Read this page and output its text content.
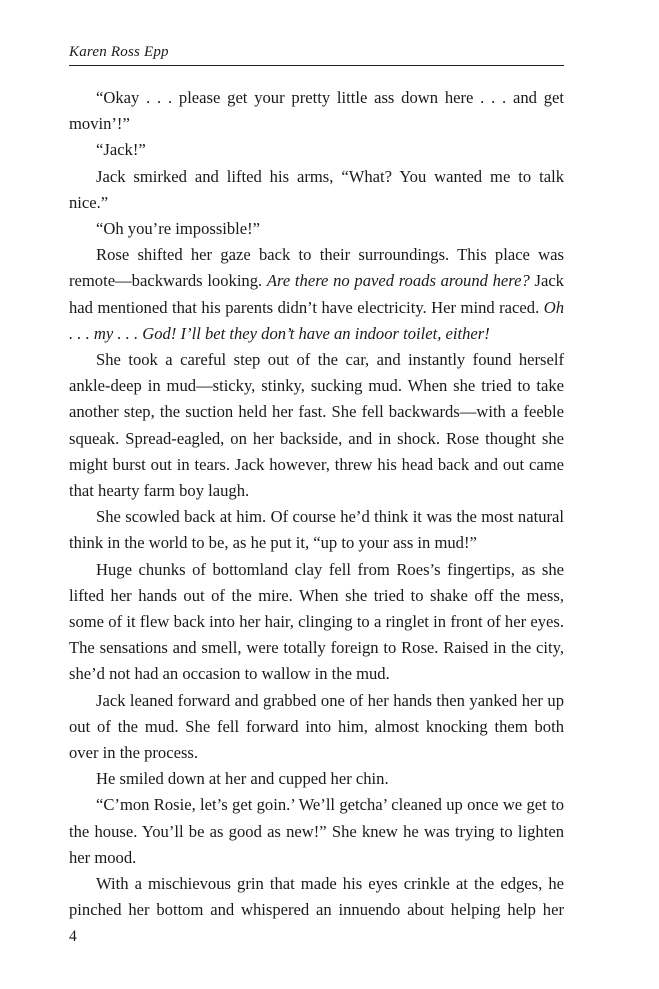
Karen Ross Epp

“Okay . . . please get your pretty little ass down here . . . and get movin’!”

“Jack!”

Jack smirked and lifted his arms, “What? You wanted me to talk nice.”

“Oh you’re impossible!”

Rose shifted her gaze back to their surroundings. This place was remote—backwards looking. Are there no paved roads around here? Jack had mentioned that his parents didn’t have electricity. Her mind raced. Oh . . . my . . . God! I’ll bet they don’t have an indoor toilet, either!

She took a careful step out of the car, and instantly found herself ankle-deep in mud—sticky, stinky, sucking mud. When she tried to take another step, the suction held her fast. She fell backwards—with a feeble squeak. Spread-eagled, on her backside, and in shock. Rose thought she might burst out in tears. Jack however, threw his head back and out came that hearty farm boy laugh.

She scowled back at him. Of course he’d think it was the most natural think in the world to be, as he put it, “up to your ass in mud!”

Huge chunks of bottomland clay fell from Roes’s fingertips, as she lifted her hands out of the mire. When she tried to shake off the mess, some of it flew back into her hair, clinging to a ringlet in front of her eyes. The sensations and smell, were totally foreign to Rose. Raised in the city, she’d not had an occasion to wallow in the mud.

Jack leaned forward and grabbed one of her hands then yanked her up out of the mud. She fell forward into him, almost knocking them both over in the process.

He smiled down at her and cupped her chin.

“C’mon Rosie, let’s get goin.’ We’ll getcha’ cleaned up once we get to the house. You’ll be as good as new!” She knew he was trying to lighten her mood.

With a mischievous grin that made his eyes crinkle at the edges, he pinched her bottom and whispered an innuendo about helping help her

4
